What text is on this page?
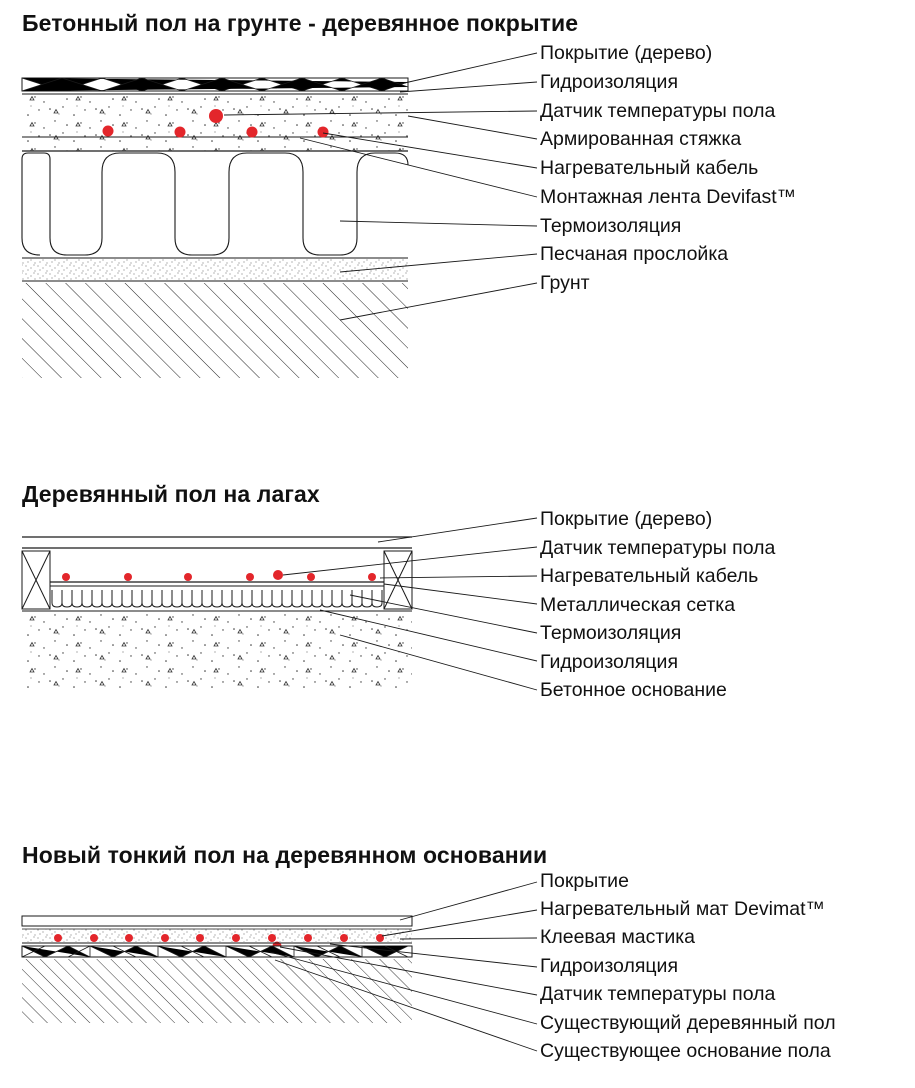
Бетонный пол на грунте - деревянное покрытие
Деревянный пол на лагах
Новый тонкий пол на деревянном основании
Покрытие (дерево)
Гидроизоляция
Датчик температуры пола
Армированная стяжка
Нагревательный кабель
Монтажная лента Devifast™
Термоизоляция
Песчаная прослойка
Грунт
Покрытие (дерево)
Датчик температуры пола
Нагревательный кабель
Металлическая сетка
Термоизоляция
Гидроизоляция
Бетонное основание
Покрытие
Нагревательный мат Devimat™
Клеевая мастика
Гидроизоляция
Датчик температуры пола
Существующий деревянный пол
Существующее основание пола
